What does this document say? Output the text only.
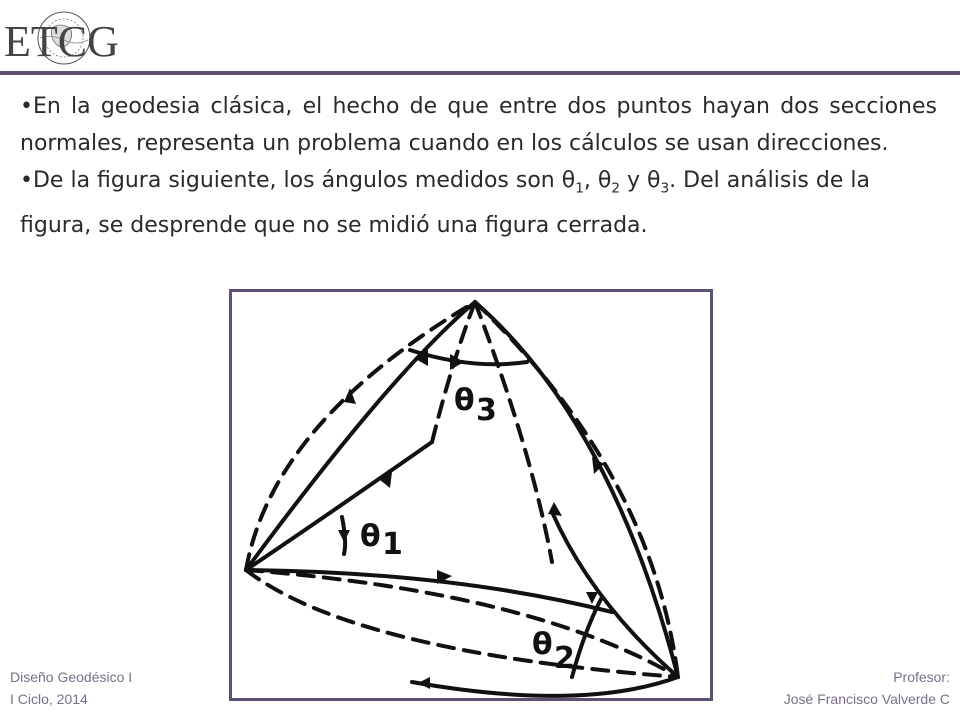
ETCG

•En la geodesia clásica, el hecho de que entre dos puntos hayan dos secciones normales, representa un problema cuando en los cálculos se usan direcciones.

•De la figura siguiente, los ángulos medidos son $\theta_1$, $\theta_2$ y $\theta_3$. Del análisis de la figura, se desprende que no se midió una figura cerrada.

θ 3
θ 1
θ 2
Diseño Geodésico I
I Ciclo, 2014
Profesor:
José Francisco Valverde C
